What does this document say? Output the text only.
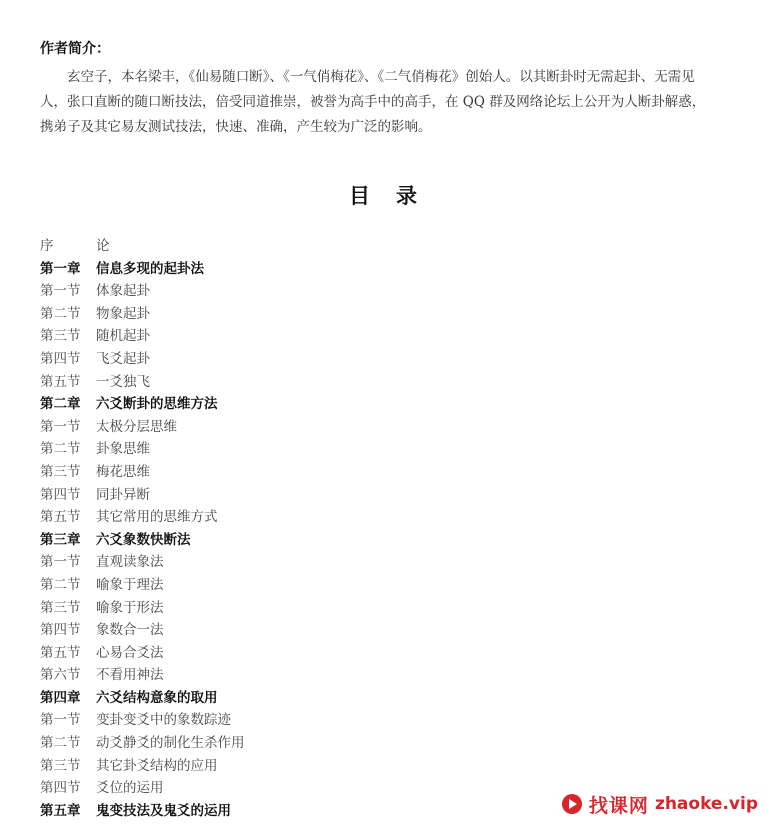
作者简介：
玄空子，本名梁丰，《仙易随口断》、《一气俏梅花》、《二气俏梅花》创始人。以其断卦时无需起卦、无需见
人，张口直断的随口断技法，倍受同道推崇，被誉为高手中的高手，在 QQ 群及网络论坛上公开为人断卦解惑，
携弟子及其它易友测试技法，快速、准确，产生较为广泛的影响。
目录
序	论
第一章 信息多现的起卦法
第一节 体象起卦
第二节 物象起卦
第三节 随机起卦
第四节 飞爻起卦
第五节 一爻独飞
第二章 六爻断卦的思维方法
第一节 太极分层思维
第二节 卦象思维
第三节 梅花思维
第四节 同卦异断
第五节 其它常用的思维方式
第三章 六爻象数快断法
第一节 直观读象法
第二节 喻象于理法
第三节 喻象于形法
第四节 象数合一法
第五节 心易合爻法
第六节 不看用神法
第四章 六爻结构意象的取用
第一节 变卦变爻中的象数踪迹
第二节 动爻静爻的制化生杀作用
第三节 其它卦爻结构的应用
第四节 爻位的运用
第五章 鬼变技法及鬼爻的运用	找课网 zhaoke.vip
